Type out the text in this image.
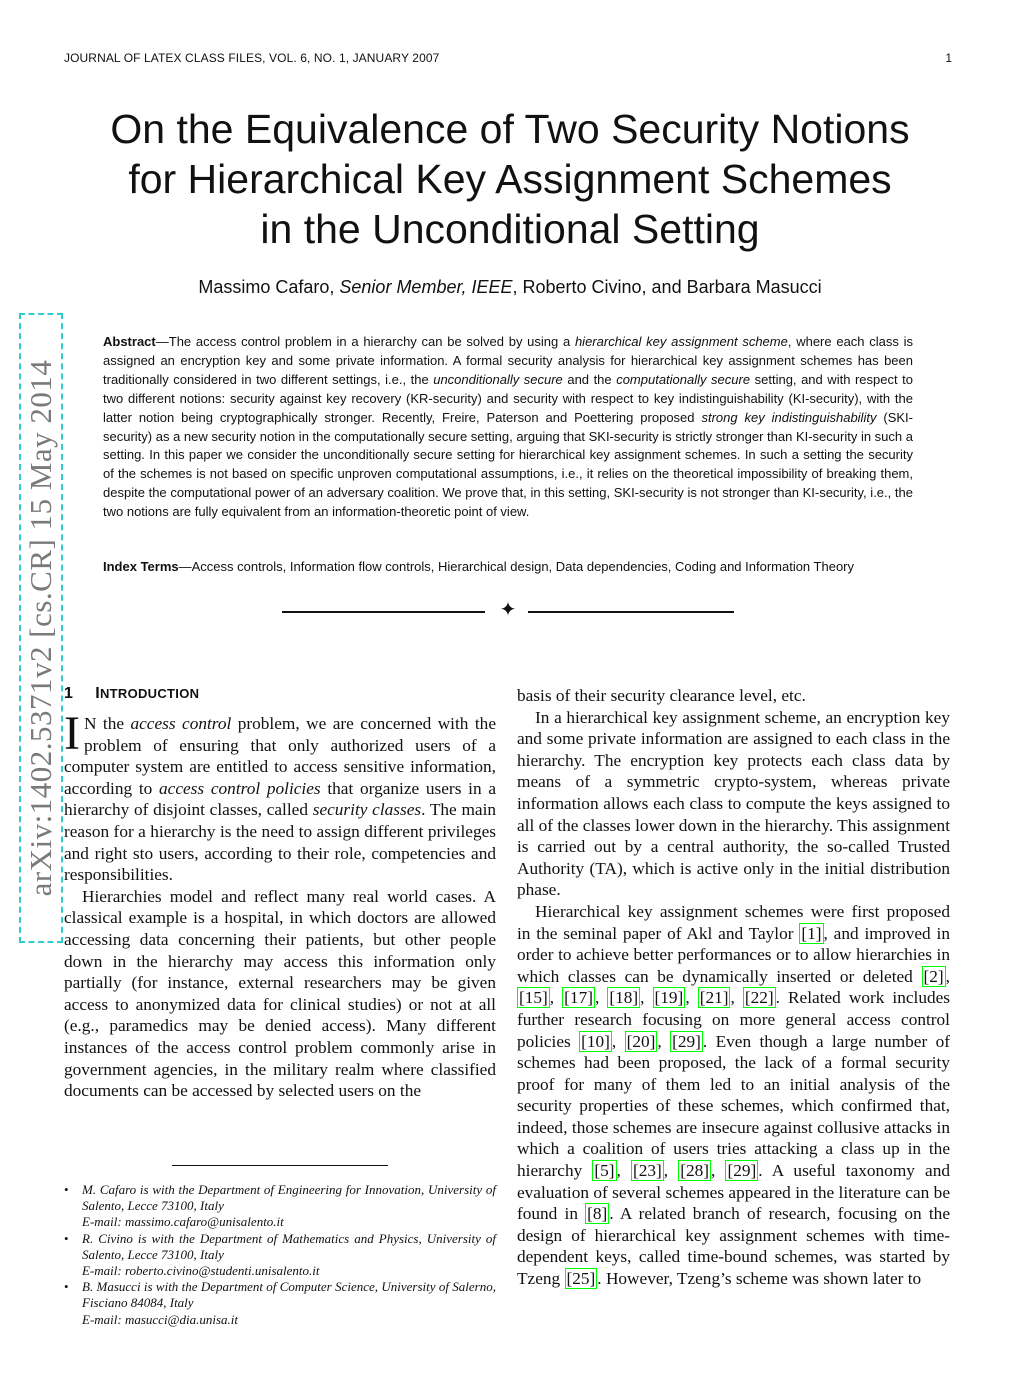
JOURNAL OF LATEX CLASS FILES, VOL. 6, NO. 1, JANUARY 2007	1
On the Equivalence of Two Security Notions
for Hierarchical Key Assignment Schemes
in the Unconditional Setting
Massimo Cafaro, Senior Member, IEEE, Roberto Civino, and Barbara Masucci
arXiv:1402.5371v2 [cs.CR] 15 May 2014

Abstract—The access control problem in a hierarchy can be solved by using a hierarchical key assignment scheme, where each class is assigned an encryption key and some private information. A formal security analysis for hierarchical key assignment schemes has been traditionally considered in two different settings, i.e., the unconditionally secure and the computationally secure setting, and with respect to two different notions: security against key recovery (KR-security) and security with respect to key indistinguishability (KI-security), with the latter notion being cryptographically stronger. Recently, Freire, Paterson and Poettering proposed strong key indistinguishability (SKI-security) as a new security notion in the computationally secure setting, arguing that SKI-security is strictly stronger than KI-security in such a setting. In this paper we consider the unconditionally secure setting for hierarchical key assignment schemes. In such a setting the security of the schemes is not based on specific unproven computational assumptions, i.e., it relies on the theoretical impossibility of breaking them, despite the computational power of an adversary coalition. We prove that, in this setting, SKI-security is not stronger than KI-security, i.e., the two notions are fully equivalent from an information-theoretic point of view.

Index Terms—Access controls, Information flow controls, Hierarchical design, Data dependencies, Coding and Information Theory

✦
1 INTRODUCTION

I N the access control problem, we are concerned with the problem of ensuring that only authorized users of a computer system are entitled to access sensitive information, according to access control policies that organize users in a hierarchy of disjoint classes, called security classes. The main reason for a hierarchy is the need to assign different privileges and right sto users, according to their role, competencies and responsibilities.

Hierarchies model and reflect many real world cases. A classical example is a hospital, in which doctors are allowed accessing data concerning their patients, but other people down in the hierarchy may access this information only partially (for instance, external researchers may be given access to anonymized data for clinical studies) or not at all (e.g., paramedics may be denied access). Many different instances of the access control problem commonly arise in government agencies, in the military realm where classified documents can be accessed by selected users on the

• M. Cafaro is with the Department of Engineering for Innovation, University of Salento, Lecce 73100, Italy
E-mail: massimo.cafaro@unisalento.it
• R. Civino is with the Department of Mathematics and Physics, University of Salento, Lecce 73100, Italy
E-mail: roberto.civino@studenti.unisalento.it
• B. Masucci is with the Department of Computer Science, University of Salerno, Fisciano 84084, Italy
E-mail: masucci@dia.unisa.it

basis of their security clearance level, etc.

In a hierarchical key assignment scheme, an encryption key and some private information are assigned to each class in the hierarchy. The encryption key protects each class data by means of a symmetric crypto-system, whereas private information allows each class to compute the keys assigned to all of the classes lower down in the hierarchy. This assignment is carried out by a central authority, the so-called Trusted Authority (TA), which is active only in the initial distribution phase.

Hierarchical key assignment schemes were first proposed in the seminal paper of Akl and Taylor [1] , and improved in order to achieve better performances or to allow hierarchies in which classes can be dynamically inserted or deleted [2] , [15] , [17] , [18] , [19] , [21] , [22] . Related work includes further research focusing on more general access control policies [10] , [20] , [29] . Even though a large number of schemes had been proposed, the lack of a formal security proof for many of them led to an initial analysis of the security properties of these schemes, which confirmed that, indeed, those schemes are insecure against collusive attacks in which a coalition of users tries attacking a class up in the hierarchy [5] , [23] , [28] , [29] . A useful taxonomy and evaluation of several schemes appeared in the literature can be found in [8] . A related branch of research, focusing on the design of hierarchical key assignment schemes with time-dependent keys, called time-bound schemes, was started by Tzeng [25] . However, Tzeng’s scheme was shown later to
